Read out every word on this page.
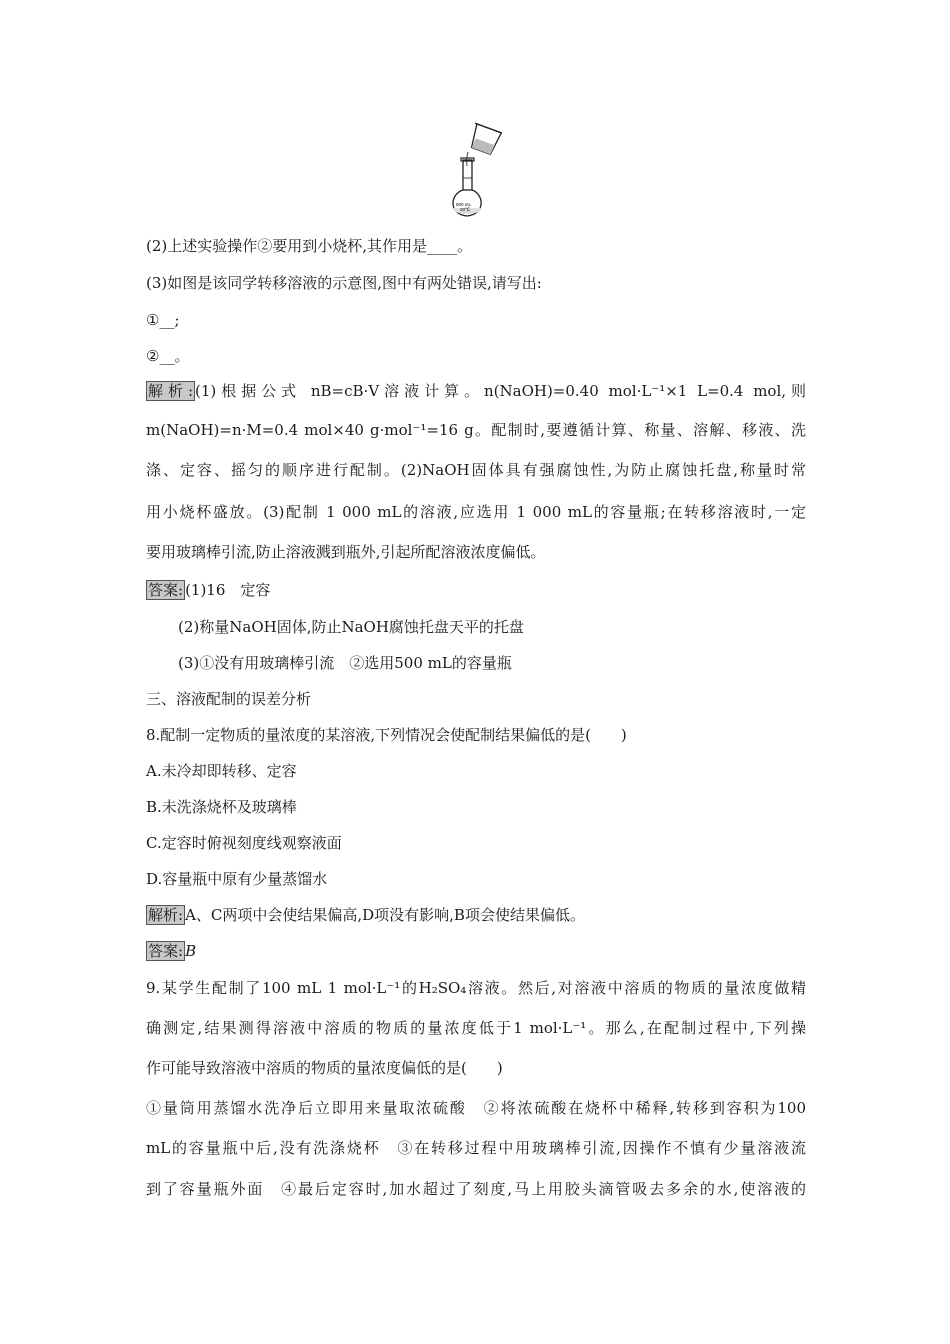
500 mL
20℃
(2)上述实验操作②要用到小烧杯,其作用是____。
(3)如图是该同学转移溶液的示意图,图中有两处错误,请写出:
①__;
②__。
解析: (1)根据公式 nB=cB·V溶液计算。n(NaOH)=0.40 mol·L⁻¹×1 L=0.4 mol,则
m(NaOH)=n·M=0.4 mol×40 g·mol⁻¹=16 g。配制时,要遵循计算、称量、溶解、移液、洗
涤、定容、摇匀的顺序进行配制。(2)NaOH固体具有强腐蚀性,为防止腐蚀托盘,称量时常
用小烧杯盛放。(3)配制 1 000 mL的溶液,应选用 1 000 mL的容量瓶;在转移溶液时,一定
要用玻璃棒引流,防止溶液溅到瓶外,引起所配溶液浓度偏低。
答案: (1)16　定容
(2)称量NaOH固体,防止NaOH腐蚀托盘天平的托盘
(3)①没有用玻璃棒引流　②选用500 mL的容量瓶
三、溶液配制的误差分析
8.配制一定物质的量浓度的某溶液,下列情况会使配制结果偏低的是(　　)
A.未冷却即转移、定容
B.未洗涤烧杯及玻璃棒
C.定容时俯视刻度线观察液面
D.容量瓶中原有少量蒸馏水
解析: A、C两项中会使结果偏高,D项没有影响,B项会使结果偏低。
答案: B
9.某学生配制了100 mL 1 mol·L⁻¹的H₂SO₄溶液。然后,对溶液中溶质的物质的量浓度做精
确测定,结果测得溶液中溶质的物质的量浓度低于1 mol·L⁻¹。那么,在配制过程中,下列操
作可能导致溶液中溶质的物质的量浓度偏低的是(　　)
①量筒用蒸馏水洗净后立即用来量取浓硫酸　②将浓硫酸在烧杯中稀释,转移到容积为100
mL的容量瓶中后,没有洗涤烧杯　③在转移过程中用玻璃棒引流,因操作不慎有少量溶液流
到了容量瓶外面　④最后定容时,加水超过了刻度,马上用胶头滴管吸去多余的水,使溶液的
